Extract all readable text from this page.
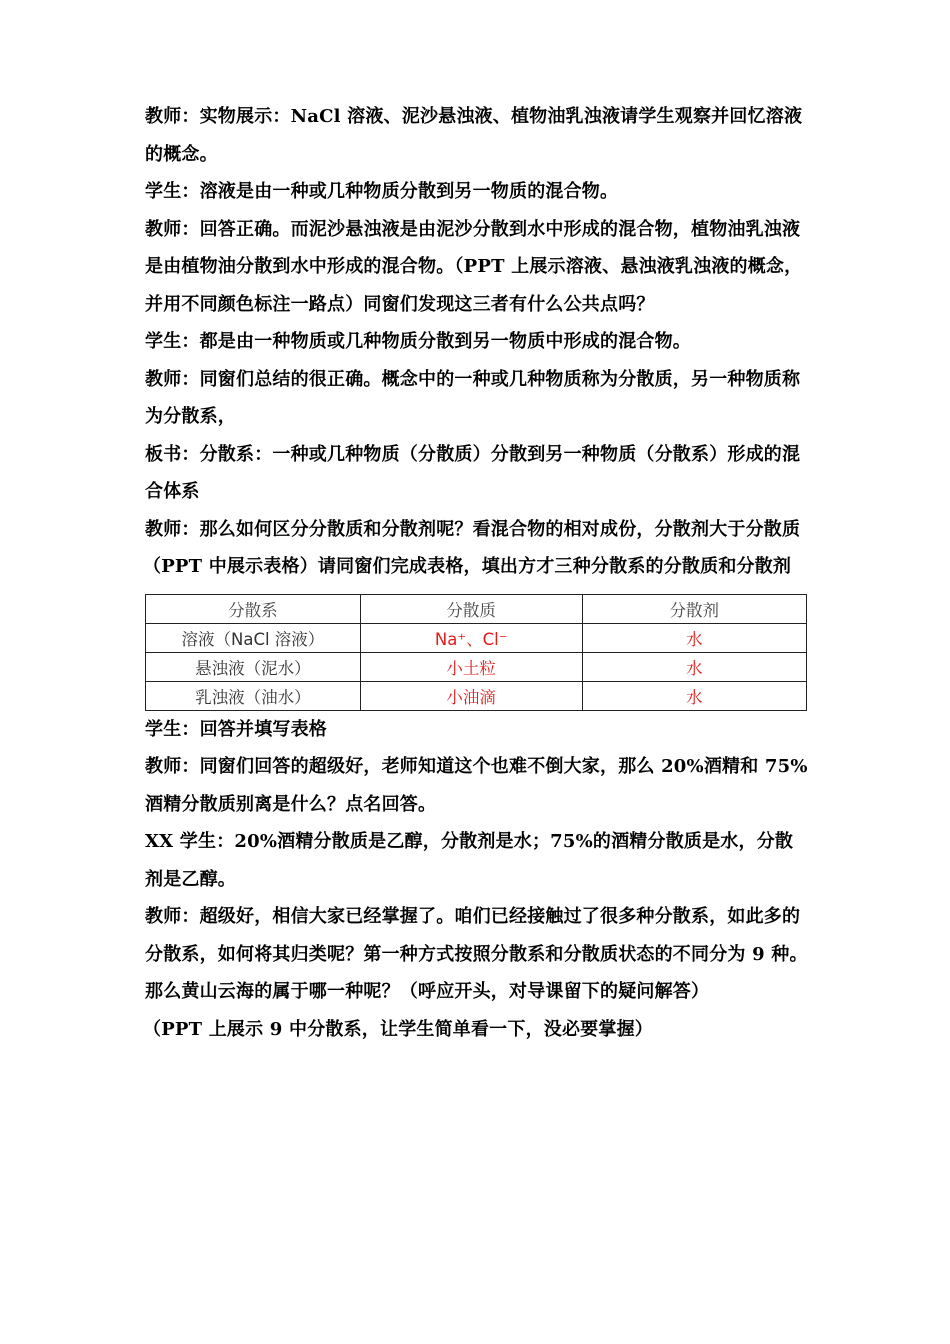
教师：实物展示：NaCl 溶液、泥沙悬浊液、植物油乳浊液请学生观察并回忆溶液的概念。

学生：溶液是由一种或几种物质分散到另一物质的混合物。

教师：回答正确。而泥沙悬浊液是由泥沙分散到水中形成的混合物，植物油乳浊液是由植物油分散到水中形成的混合物。（PPT 上展示溶液、悬浊液乳浊液的概念，并用不同颜色标注一路点）同窗们发现这三者有什么公共点吗？

学生：都是由一种物质或几种物质分散到另一物质中形成的混合物。

教师：同窗们总结的很正确。概念中的一种或几种物质称为分散质，另一种物质称为分散系，

板书：分散系：一种或几种物质（分散质）分散到另一种物质（分散系）形成的混合体系

教师：那么如何区分分散质和分散剂呢？看混合物的相对成份，分散剂大于分散质

（PPT 中展示表格）请同窗们完成表格，填出方才三种分散系的分散质和分散剂

分散系	分散质	分散剂
溶液（NaCl 溶液）	Na⁺、Cl⁻	水
悬浊液（泥水）	小土粒	水
乳浊液（油水）	小油滴	水

学生：回答并填写表格

教师：同窗们回答的超级好，老师知道这个也难不倒大家，那么 20%酒精和 75%酒精分散质别离是什么？点名回答。

XX 学生：20%酒精分散质是乙醇，分散剂是水；75%的酒精分散质是水，分散剂是乙醇。

教师：超级好，相信大家已经掌握了。咱们已经接触过了很多种分散系，如此多的分散系，如何将其归类呢？第一种方式按照分散系和分散质状态的不同分为 9 种。那么黄山云海的属于哪一种呢？（呼应开头，对导课留下的疑问解答）

（PPT 上展示 9 中分散系，让学生简单看一下，没必要掌握）
